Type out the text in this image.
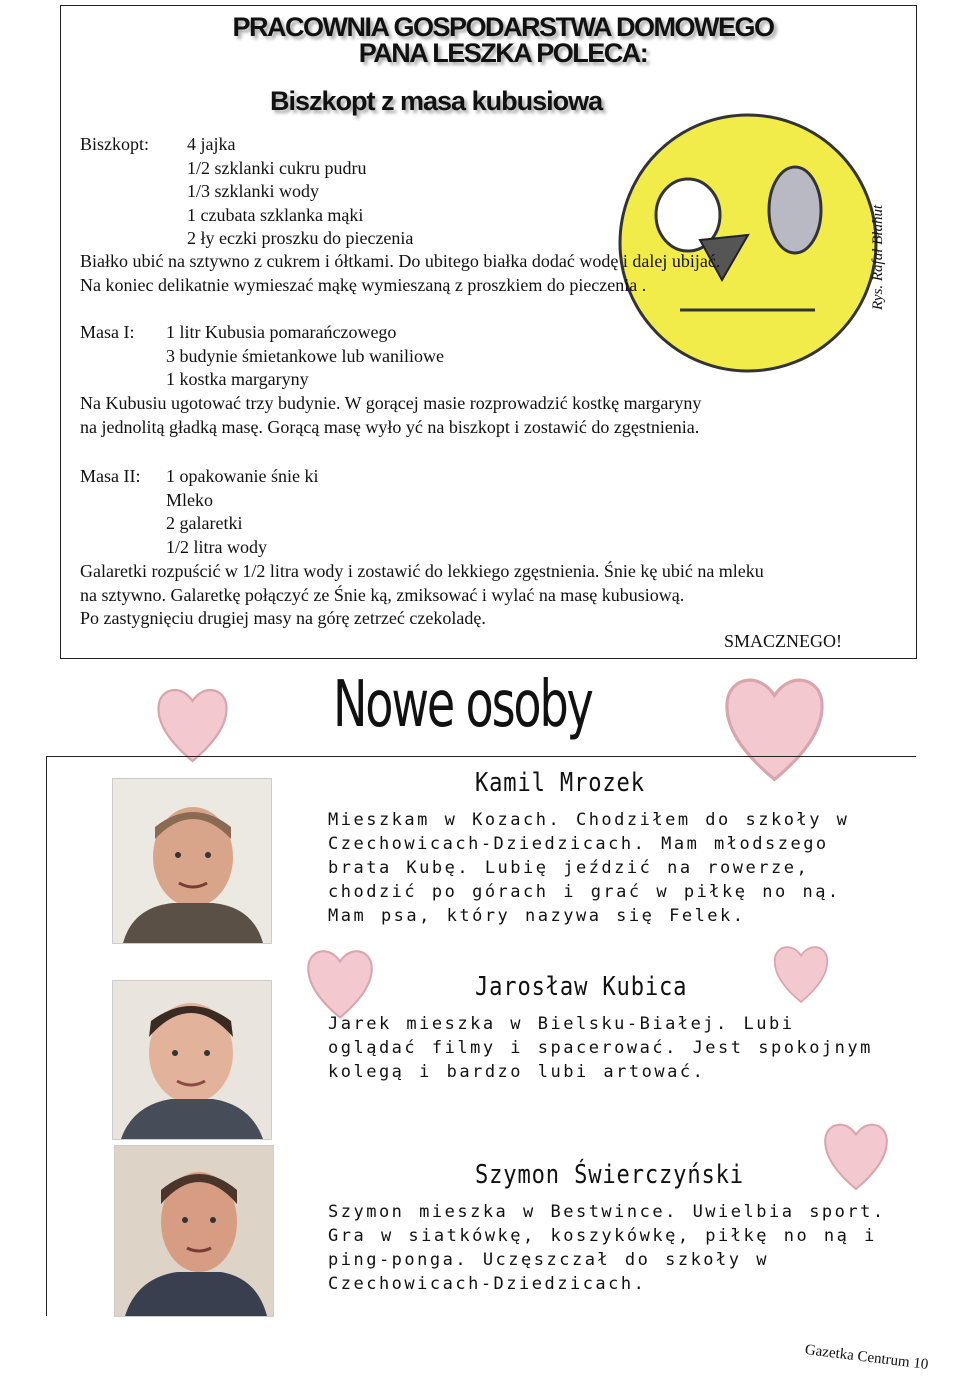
PRACOWNIA GOSPODARSTWA DOMOWEGO
PANA LESZKA POLECA:
Biszkopt z masa kubusiowa
Rys. Rafał Błahut
Biszkopt: 4 jajka
1/2 szklanki cukru pudru
1/3 szklanki wody
1 czubata szklanka mąki
2 ły eczki proszku do pieczenia
Białko ubić na sztywno z cukrem i ółtkami. Do ubitego białka dodać wodę i dalej ubijać.
Na koniec delikatnie wymieszać mąkę wymieszaną z proszkiem do pieczenia .
Masa I: 1 litr Kubusia pomarańczowego
3 budynie śmietankowe lub waniliowe
1 kostka margaryny
Na Kubusiu ugotować trzy budynie. W gorącej masie rozprowadzić kostkę margaryny
na jednolitą gładką masę. Gorącą masę wyło yć na biszkopt i zostawić do zgęstnienia.
Masa II: 1 opakowanie śnie ki
Mleko
2 galaretki
1/2 litra wody
Galaretki rozpuścić w 1/2 litra wody i zostawić do lekkiego zgęstnienia. Śnie kę ubić na mleku
na sztywno. Galaretkę połączyć ze Śnie ką, zmiksować i wylać na masę kubusiową.
Po zastygnięciu drugiej masy na górę zetrzeć czekoladę.
SMACZNEGO!
Nowe osoby
Kamil Mrozek
Mieszkam w Kozach. Chodziłem do szkoły w Czechowicach-Dziedzicach. Mam młodszego brata Kubę. Lubię jeździć na rowerze, chodzić po górach i grać w piłkę no ną. Mam psa, który nazywa się Felek.
Jarosław Kubica
Jarek mieszka w Bielsku-Białej. Lubi oglądać filmy i spacerować. Jest spokojnym kolegą i bardzo lubi artować.
Szymon Świerczyński
Szymon mieszka w Bestwince. Uwielbia sport. Gra w siatkówkę, koszykówkę, piłkę no ną i ping-ponga. Uczęszczał do szkoły w Czechowicach-Dziedzicach.
Gazetka Centrum 10
